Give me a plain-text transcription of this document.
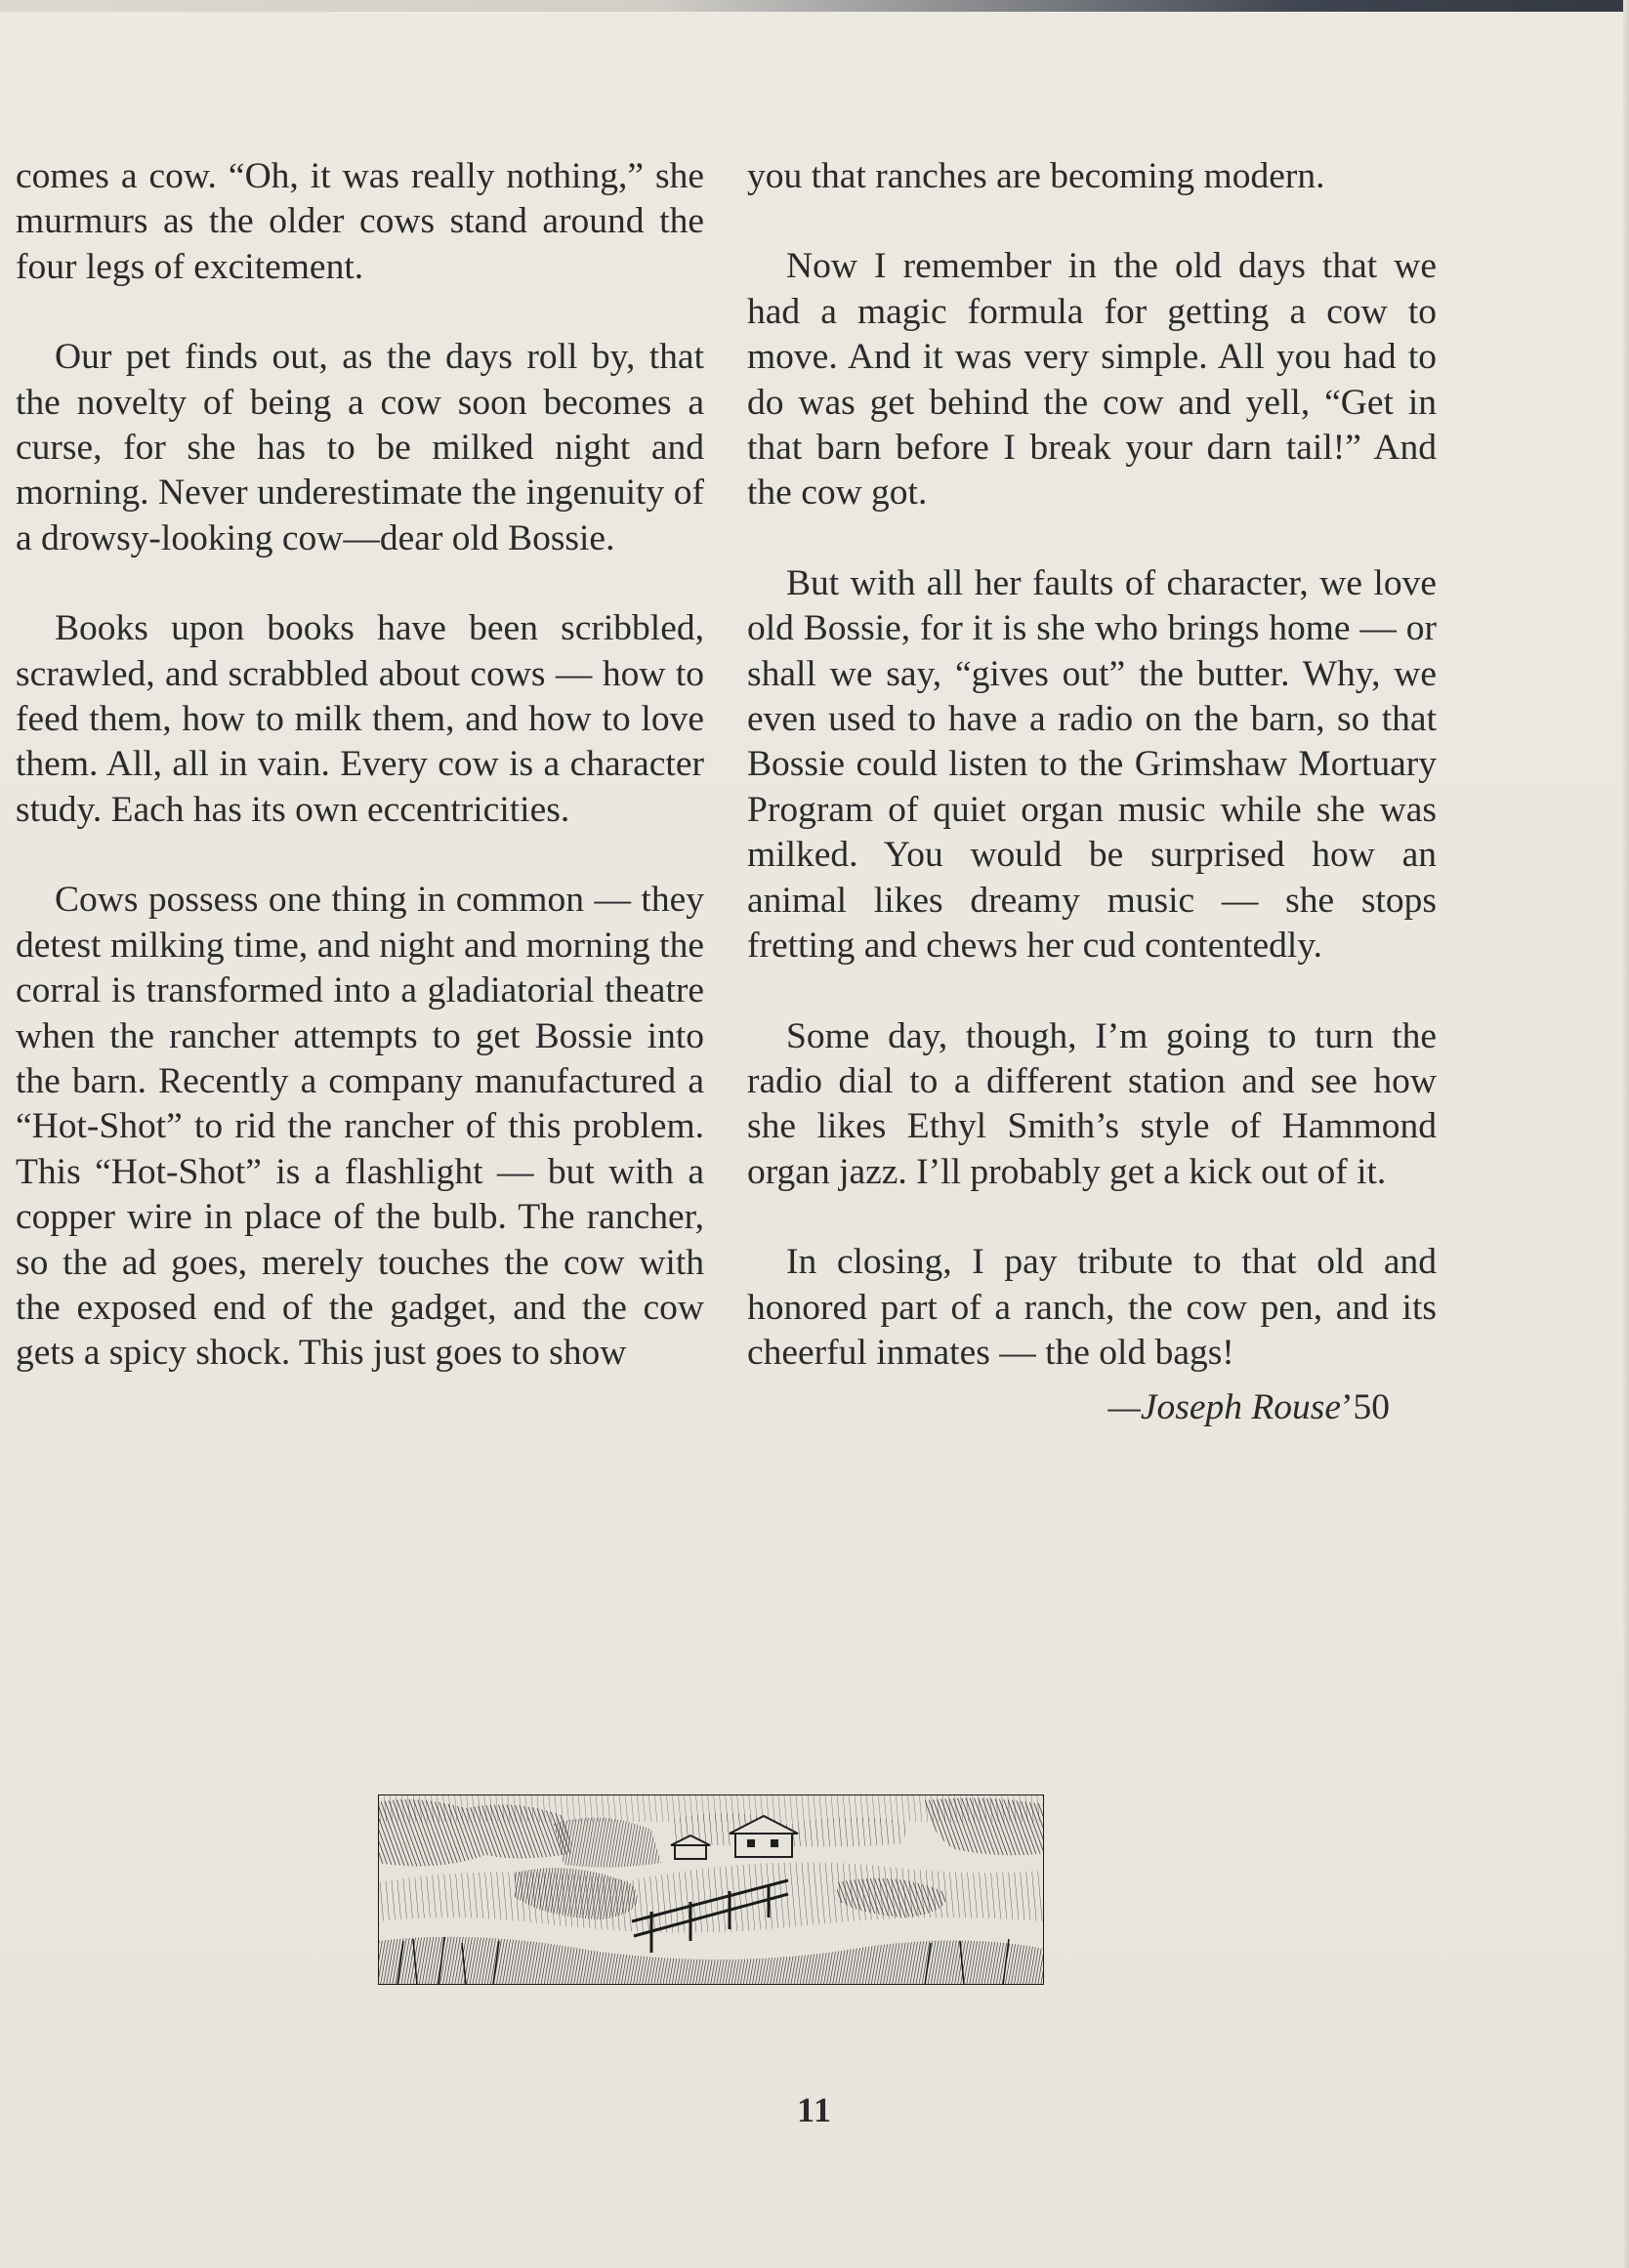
comes a cow. “Oh, it was really nothing,” she murmurs as the older cows stand around the four legs of excitement.

Our pet finds out, as the days roll by, that the novelty of being a cow soon becomes a curse, for she has to be milked night and morning. Never underestimate the ingenuity of a drowsy-looking cow—dear old Bossie.

Books upon books have been scribbled, scrawled, and scrabbled about cows — how to feed them, how to milk them, and how to love them. All, all in vain. Every cow is a character study. Each has its own eccentricities.

Cows possess one thing in common — they detest milking time, and night and morning the corral is transformed into a gladiatorial theatre when the rancher attempts to get Bossie into the barn. Recently a company manufactured a “Hot-Shot” to rid the rancher of this problem. This “Hot-Shot” is a flashlight — but with a copper wire in place of the bulb. The rancher, so the ad goes, merely touches the cow with the exposed end of the gadget, and the cow gets a spicy shock. This just goes to show

you that ranches are becoming modern.

Now I remember in the old days that we had a magic formula for getting a cow to move. And it was very simple. All you had to do was get behind the cow and yell, “Get in that barn before I break your darn tail!” And the cow got.

But with all her faults of character, we love old Bossie, for it is she who brings home — or shall we say, “gives out” the butter. Why, we even used to have a radio on the barn, so that Bossie could listen to the Grimshaw Mortuary Program of quiet organ music while she was milked. You would be surprised how an animal likes dreamy music — she stops fretting and chews her cud contentedly.

Some day, though, I’m going to turn the radio dial to a different station and see how she likes Ethyl Smith’s style of Hammond organ jazz. I’ll probably get a kick out of it.

In closing, I pay tribute to that old and honored part of a ranch, the cow pen, and its cheerful inmates — the old bags!

—Joseph Rouse’50

11
